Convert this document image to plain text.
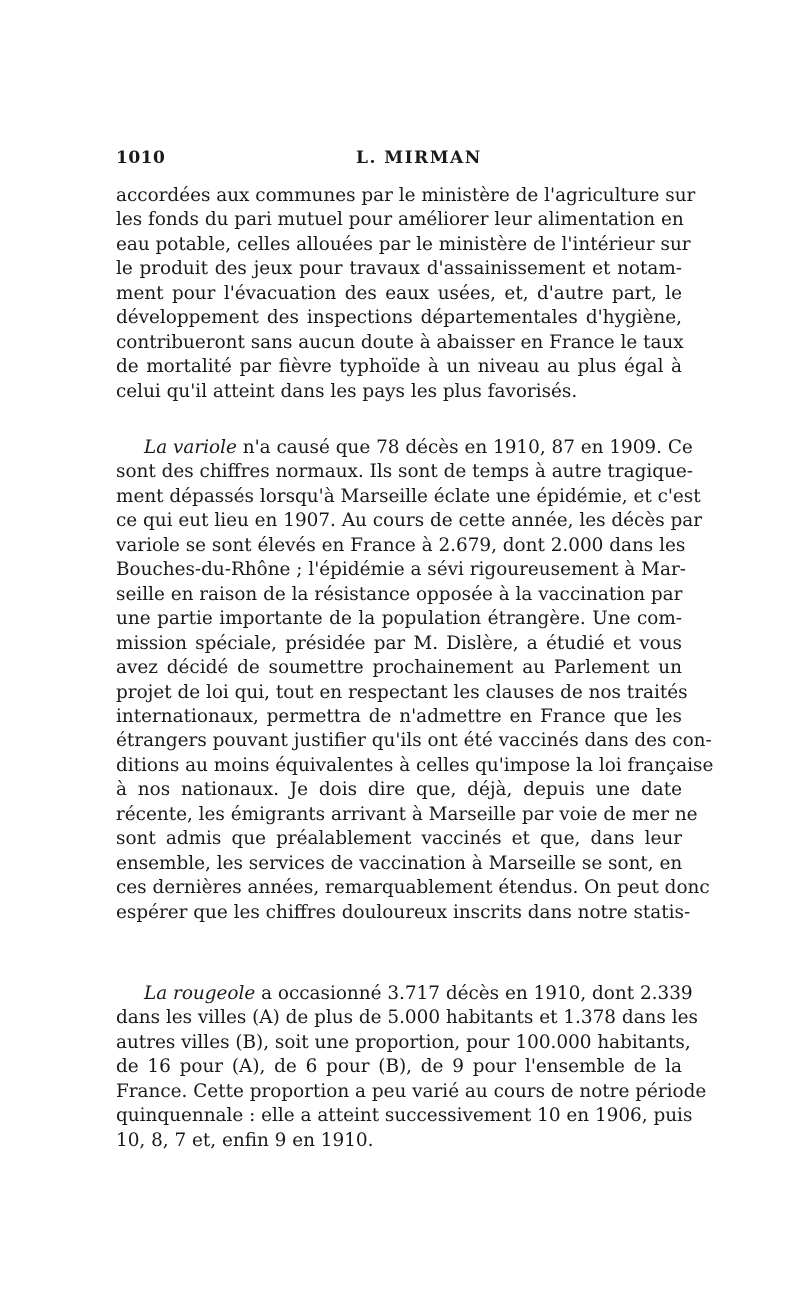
1010	L. MIRMAN

accordées aux communes par le ministère de l'agriculture sur
les fonds du pari mutuel pour améliorer leur alimentation en
eau potable, celles allouées par le ministère de l'intérieur sur
le produit des jeux pour travaux d'assainissement et notam-
ment pour l'évacuation des eaux usées, et, d'autre part, le
développement des inspections départementales d'hygiène,
contribueront sans aucun doute à abaisser en France le taux
de mortalité par fièvre typhoïde à un niveau au plus égal à
celui qu'il atteint dans les pays les plus favorisés.

La variole n'a causé que 78 décès en 1910, 87 en 1909. Ce
sont des chiffres normaux. Ils sont de temps à autre tragique-
ment dépassés lorsqu'à Marseille éclate une épidémie, et c'est
ce qui eut lieu en 1907. Au cours de cette année, les décès par
variole se sont élevés en France à 2.679, dont 2.000 dans les
Bouches-du-Rhône ; l'épidémie a sévi rigoureusement à Mar-
seille en raison de la résistance opposée à la vaccination par
une partie importante de la population étrangère. Une com-
mission spéciale, présidée par M. Dislère, a étudié et vous
avez décidé de soumettre prochainement au Parlement un
projet de loi qui, tout en respectant les clauses de nos traités
internationaux, permettra de n'admettre en France que les
étrangers pouvant justifier qu'ils ont été vaccinés dans des con-
ditions au moins équivalentes à celles qu'impose la loi française
à nos nationaux. Je dois dire que, déjà, depuis une date
récente, les émigrants arrivant à Marseille par voie de mer ne
sont admis que préalablement vaccinés et que, dans leur
ensemble, les services de vaccination à Marseille se sont, en
ces dernières années, remarquablement étendus. On peut donc
espérer que les chiffres douloureux inscrits dans notre statis-

La rougeole a occasionné 3.717 décès en 1910, dont 2.339
dans les villes (A) de plus de 5.000 habitants et 1.378 dans les
autres villes (B), soit une proportion, pour 100.000 habitants,
de 16 pour (A), de 6 pour (B), de 9 pour l'ensemble de la
France. Cette proportion a peu varié au cours de notre période
quinquennale : elle a atteint successivement 10 en 1906, puis
10, 8, 7 et, enfin 9 en 1910.
